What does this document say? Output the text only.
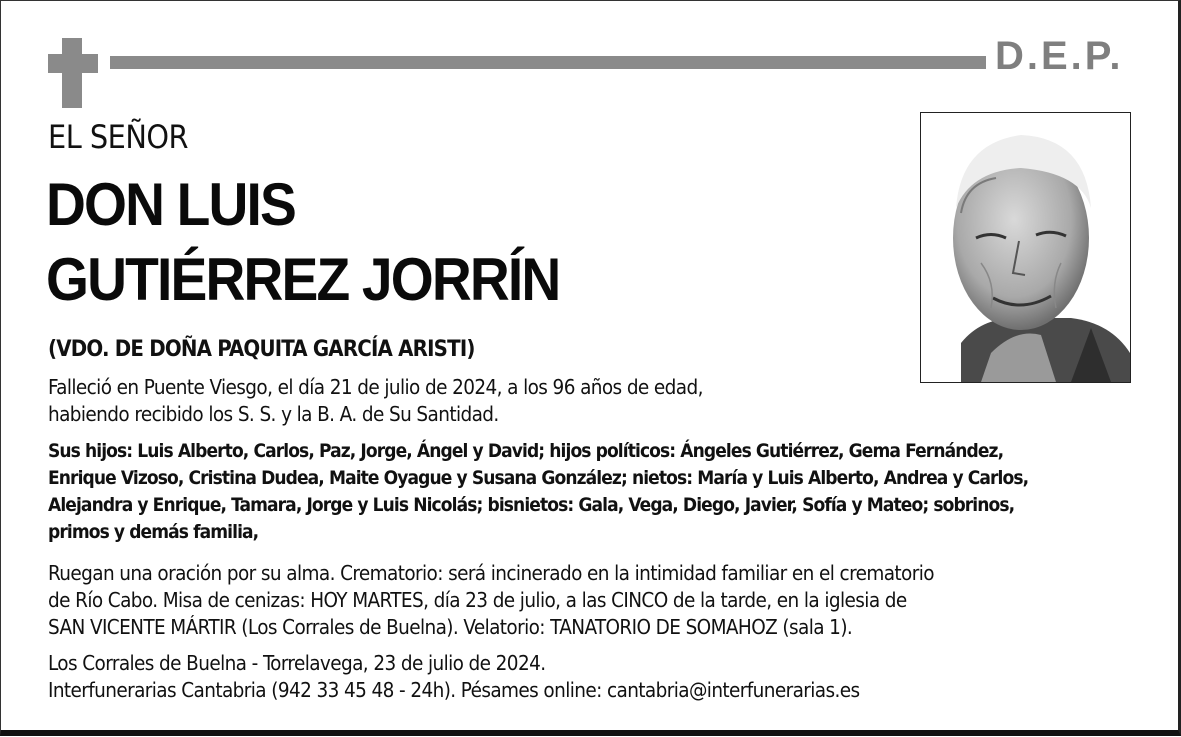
D.E.P.
EL SEÑOR
DON LUIS
GUTIÉRREZ JORRÍN
(VDO. DE DOÑA PAQUITA GARCÍA ARISTI)
Falleció en Puente Viesgo, el día 21 de julio de 2024, a los 96 años de edad,
habiendo recibido los S. S. y la B. A. de Su Santidad.
Sus hijos: Luis Alberto, Carlos, Paz, Jorge, Ángel y David; hijos políticos: Ángeles Gutiérrez, Gema Fernández,
Enrique Vizoso, Cristina Dudea, Maite Oyague y Susana González; nietos: María y Luis Alberto, Andrea y Carlos,
Alejandra y Enrique, Tamara, Jorge y Luis Nicolás; bisnietos: Gala, Vega, Diego, Javier, Sofía y Mateo; sobrinos,
primos y demás familia,
Ruegan una oración por su alma. Crematorio: será incinerado en la intimidad familiar en el crematorio
de Río Cabo. Misa de cenizas: HOY MARTES, día 23 de julio, a las CINCO de la tarde, en la iglesia de
SAN VICENTE MÁRTIR (Los Corrales de Buelna). Velatorio: TANATORIO DE SOMAHOZ (sala 1).
Los Corrales de Buelna - Torrelavega, 23 de julio de 2024.
Interfunerarias Cantabria (942 33 45 48 - 24h). Pésames online: cantabria@interfunerarias.es
